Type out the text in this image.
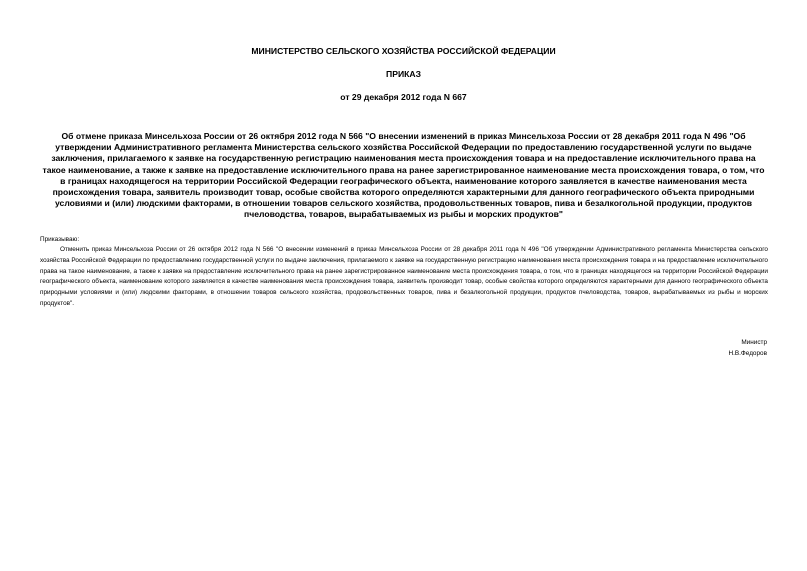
МИНИСТЕРСТВО СЕЛЬСКОГО ХОЗЯЙСТВА РОССИЙСКОЙ ФЕДЕРАЦИИ
ПРИКАЗ
от 29 декабря 2012 года N 667
Об отмене приказа Минсельхоза России от 26 октября 2012 года N 566 "О внесении изменений в приказ Минсельхоза России от 28 декабря 2011 года N 496 "Об утверждении Административного регламента Министерства сельского хозяйства Российской Федерации по предоставлению государственной услуги по выдаче заключения, прилагаемого к заявке на государственную регистрацию наименования места происхождения товара и на предоставление исключительного права на такое наименование, а также к заявке на предоставление исключительного права на ранее зарегистрированное наименование места происхождения товара, о том, что в границах находящегося на территории Российской Федерации географического объекта, наименование которого заявляется в качестве наименования места происхождения товара, заявитель производит товар, особые свойства которого определяются характерными для данного географического объекта природными условиями и (или) людскими факторами, в отношении товаров сельского хозяйства, продовольственных товаров, пива и безалкогольной продукции, продуктов пчеловодства, товаров, вырабатываемых из рыбы и морских продуктов"
Приказываю:
Отменить приказ Минсельхоза России от 26 октября 2012 года N 566 "О внесении изменений в приказ Минсельхоза России от 28 декабря 2011 года N 496 "Об утверждении Административного регламента Министерства сельского хозяйства Российской Федерации по предоставлению государственной услуги по выдаче заключения, прилагаемого к заявке на государственную регистрацию наименования места происхождения товара и на предоставление исключительного права на такое наименование, а также к заявке на предоставление исключительного права на ранее зарегистрированное наименование места происхождения товара, о том, что в границах находящегося на территории Российской Федерации географического объекта, наименование которого заявляется в качестве наименования места происхождения товара, заявитель производит товар, особые свойства которого определяются характерными для данного географического объекта природными условиями и (или) людскими факторами, в отношении товаров сельского хозяйства, продовольственных товаров, пива и безалкогольной продукции, продуктов пчеловодства, товаров, вырабатываемых из рыбы и морских продуктов".
Министр
Н.В.Федоров
